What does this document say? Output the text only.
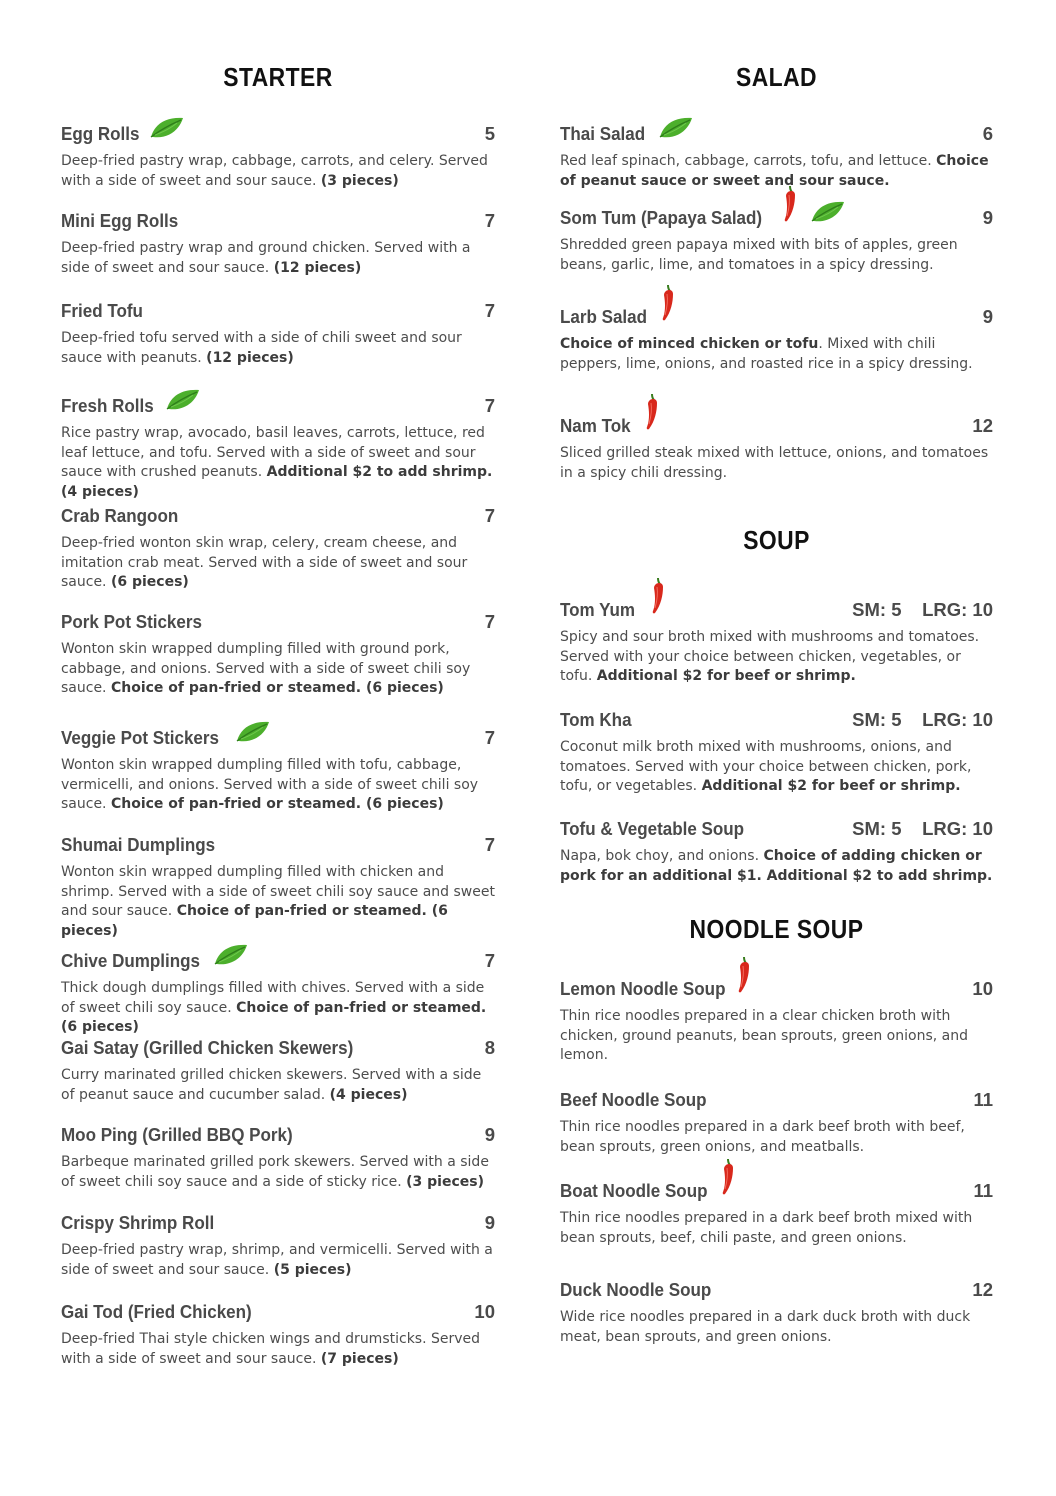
STARTER
Egg Rolls	5

Deep-fried pastry wrap, cabbage, carrots, and celery. Served with a side of sweet and sour sauce. (3 pieces)

Mini Egg Rolls	7

Deep-fried pastry wrap and ground chicken. Served with a side of sweet and sour sauce. (12 pieces)

Fried Tofu	7

Deep-fried tofu served with a side of chili sweet and sour sauce with peanuts. (12 pieces)

Fresh Rolls	7

Rice pastry wrap, avocado, basil leaves, carrots, lettuce, red leaf lettuce, and tofu. Served with a side of sweet and sour sauce with crushed peanuts. Additional $2 to add shrimp. (4 pieces)

Crab Rangoon	7

Deep-fried wonton skin wrap, celery, cream cheese, and imitation crab meat. Served with a side of sweet and sour sauce. (6 pieces)

Pork Pot Stickers	7

Wonton skin wrapped dumpling filled with ground pork, cabbage, and onions. Served with a side of sweet chili soy sauce. Choice of pan-fried or steamed. (6 pieces)

Veggie Pot Stickers	7

Wonton skin wrapped dumpling filled with tofu, cabbage, vermicelli, and onions. Served with a side of sweet chili soy sauce. Choice of pan-fried or steamed. (6 pieces)

Shumai Dumplings	7

Wonton skin wrapped dumpling filled with chicken and shrimp. Served with a side of sweet chili soy sauce and sweet and sour sauce. Choice of pan-fried or steamed. (6 pieces)

Chive Dumplings	7

Thick dough dumplings filled with chives. Served with a side of sweet chili soy sauce. Choice of pan-fried or steamed. (6 pieces)

Gai Satay (Grilled Chicken Skewers)	8

Curry marinated grilled chicken skewers. Served with a side of peanut sauce and cucumber salad. (4 pieces)

Moo Ping (Grilled BBQ Pork)	9

Barbeque marinated grilled pork skewers. Served with a side of sweet chili soy sauce and a side of sticky rice. (3 pieces)

Crispy Shrimp Roll	9

Deep-fried pastry wrap, shrimp, and vermicelli. Served with a side of sweet and sour sauce. (5 pieces)

Gai Tod (Fried Chicken)	10

Deep-fried Thai style chicken wings and drumsticks. Served with a side of sweet and sour sauce. (7 pieces)

SALAD
SOUP
NOODLE SOUP
Thai Salad	6

Red leaf spinach, cabbage, carrots, tofu, and lettuce. Choice of peanut sauce or sweet and sour sauce.

Som Tum (Papaya Salad)	9

Shredded green papaya mixed with bits of apples, green beans, garlic, lime, and tomatoes in a spicy dressing.

Larb Salad	9

Choice of minced chicken or tofu. Mixed with chili peppers, lime, onions, and roasted rice in a spicy dressing.

Nam Tok	12

Sliced grilled steak mixed with lettuce, onions, and tomatoes in a spicy chili dressing.

Tom Yum	SM: 5    LRG: 10

Spicy and sour broth mixed with mushrooms and tomatoes. Served with your choice between chicken, vegetables, or tofu. Additional $2 for beef or shrimp.

Tom Kha	SM: 5    LRG: 10

Coconut milk broth mixed with mushrooms, onions, and tomatoes. Served with your choice between chicken, pork, tofu, or vegetables. Additional $2 for beef or shrimp.

Tofu & Vegetable Soup	SM: 5    LRG: 10

Napa, bok choy, and onions. Choice of adding chicken or pork for an additional $1. Additional $2 to add shrimp.

Lemon Noodle Soup	10

Thin rice noodles prepared in a clear chicken broth with chicken, ground peanuts, bean sprouts, green onions, and lemon.

Beef Noodle Soup	11

Thin rice noodles prepared in a dark beef broth with beef, bean sprouts, green onions, and meatballs.

Boat Noodle Soup	11

Thin rice noodles prepared in a dark beef broth mixed with bean sprouts, beef, chili paste, and green onions.

Duck Noodle Soup	12

Wide rice noodles prepared in a dark duck broth with duck meat, bean sprouts, and green onions.
